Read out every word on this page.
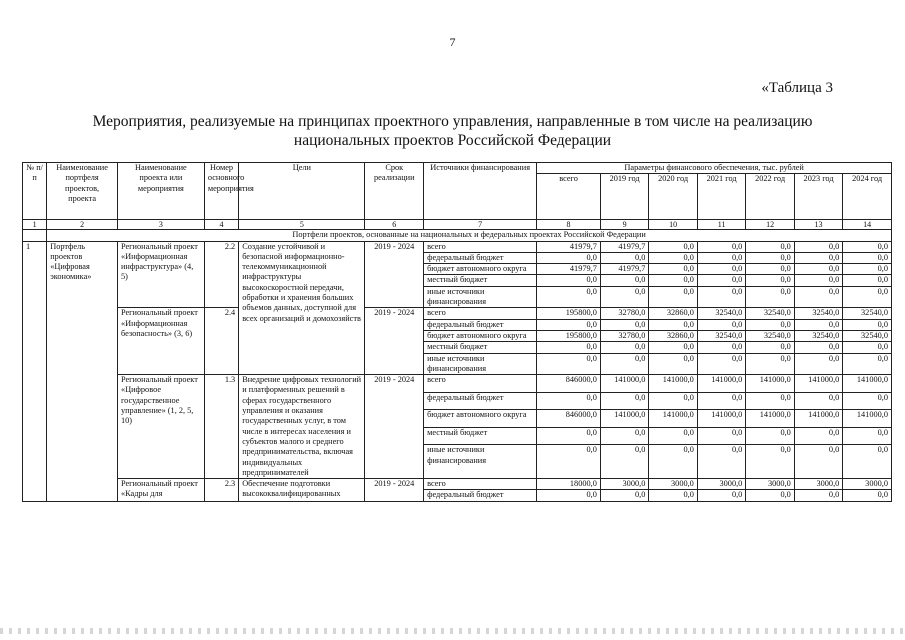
7
«Таблица 3
Мероприятия, реализуемые на принципах проектного управления, направленные в том числе на реализацию
национальных проектов Российской Федерации
№ п/п	Наименование портфеля проектов, проекта	Наименование проекта или мероприятия	Номер основного мероприятия	Цели	Срок реализации	Источники финансирования	Параметры финансового обеспечения, тыс. рублей						
							всего	2019 год	2020 год	2021 год	2022 год	2023 год	2024 год
1	2	3	4	5	6	7	8	9	10	11	12	13	14
	Портфели проектов, основанные на национальных и федеральных проектах Российской Федерации												
1	Портфель проектов «Цифровая экономика»	Региональный проект «Информационная инфраструктура» (4, 5)	2.2	Создание устойчивой и безопасной информационно-телекоммуникационной инфраструктуры высокоскоростной передачи, обработки и хранения больших объемов данных, доступной для всех организаций и домохозяйств	2019 - 2024	всего	41979,7	41979,7	0,0	0,0	0,0	0,0	0,0
						федеральный бюджет	0,0	0,0	0,0	0,0	0,0	0,0	0,0
						бюджет автономного округа	41979,7	41979,7	0,0	0,0	0,0	0,0	0,0
						местный бюджет	0,0	0,0	0,0	0,0	0,0	0,0	0,0
						иные источники финансирования	0,0	0,0	0,0	0,0	0,0	0,0	0,0
		Региональный проект «Информационная безопасность» (3, 6)	2.4		2019 - 2024	всего	195800,0	32780,0	32860,0	32540,0	32540,0	32540,0	32540,0
						федеральный бюджет	0,0	0,0	0,0	0,0	0,0	0,0	0,0
						бюджет автономного округа	195800,0	32780,0	32860,0	32540,0	32540,0	32540,0	32540,0
						местный бюджет	0,0	0,0	0,0	0,0	0,0	0,0	0,0
						иные источники финансирования	0,0	0,0	0,0	0,0	0,0	0,0	0,0
		Региональный проект «Цифровое государственное управление» (1, 2, 5, 10)	1.3	Внедрение цифровых технологий и платформенных решений в сферах государственного управления и оказания государственных услуг, в том числе в интересах населения и субъектов малого и среднего предпринимательства, включая индивидуальных предпринимателей	2019 - 2024	всего	846000,0	141000,0	141000,0	141000,0	141000,0	141000,0	141000,0
						федеральный бюджет	0,0	0,0	0,0	0,0	0,0	0,0	0,0
						бюджет автономного округа	846000,0	141000,0	141000,0	141000,0	141000,0	141000,0	141000,0
						местный бюджет	0,0	0,0	0,0	0,0	0,0	0,0	0,0
						иные источники финансирования	0,0	0,0	0,0	0,0	0,0	0,0	0,0
		Региональный проект «Кадры для	2.3	Обеспечение подготовки высококвалифицированных	2019 - 2024	всего	18000,0	3000,0	3000,0	3000,0	3000,0	3000,0	3000,0
						федеральный бюджет	0,0	0,0	0,0	0,0	0,0	0,0	0,0
